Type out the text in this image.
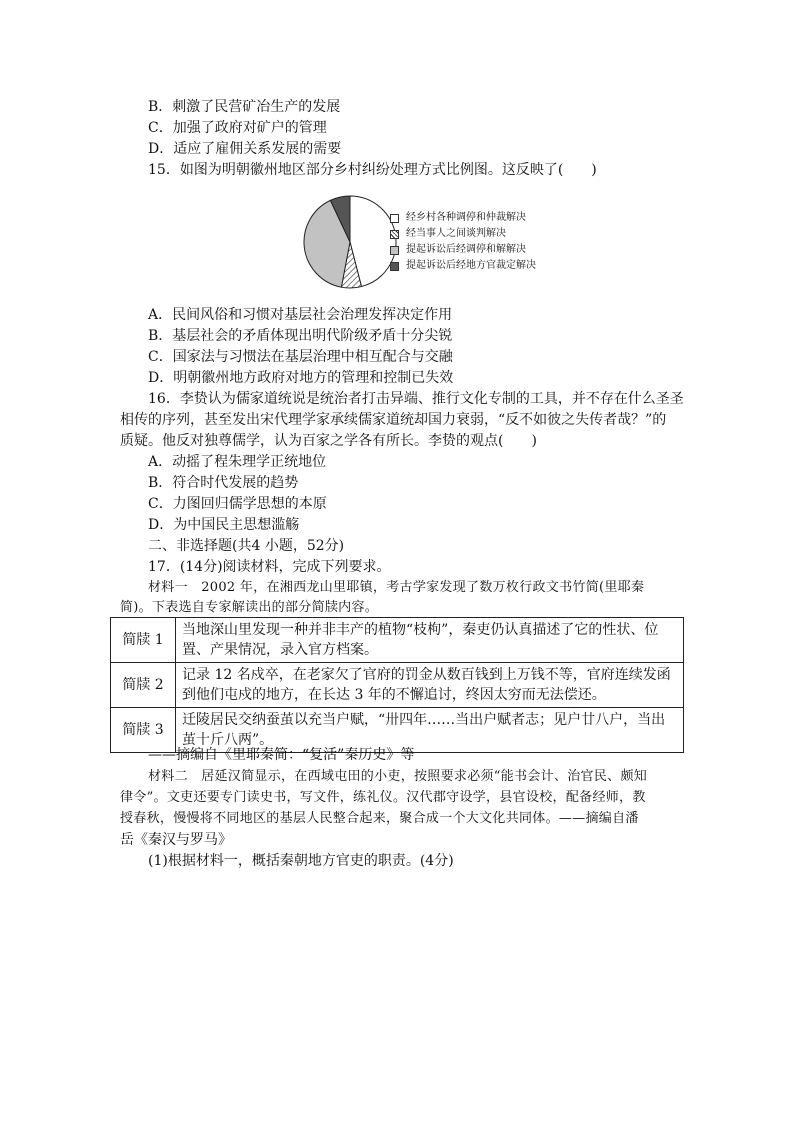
B．刺激了民营矿冶生产的发展
C．加强了政府对矿户的管理
D．适应了雇佣关系发展的需要
15．如图为明朝徽州地区部分乡村纠纷处理方式比例图。这反映了(　　)
经乡村各种调停和仲裁解决
经当事人之间谈判解决
提起诉讼后经调停和解解决
提起诉讼后经地方官裁定解决
A．民间风俗和习惯对基层社会治理发挥决定作用
B．基层社会的矛盾体现出明代阶级矛盾十分尖锐
C．国家法与习惯法在基层治理中相互配合与交融
D．明朝徽州地方政府对地方的管理和控制已失效
16．李贽认为儒家道统说是统治者打击异端、推行文化专制的工具，并不存在什么圣圣
相传的序列，甚至发出宋代理学家承续儒家道统却国力衰弱，“反不如彼之失传者哉？”的
质疑。他反对独尊儒学，认为百家之学各有所长。李贽的观点(　　)
A．动摇了程朱理学正统地位
B．符合时代发展的趋势
C．力图回归儒学思想的本原
D．为中国民主思想滥觞
二、非选择题(共4 小题，52分)
17．(14分)阅读材料，完成下列要求。
材料一　2002 年，在湘西龙山里耶镇，考古学家发现了数万枚行政文书竹简(里耶秦
简)。下表选自专家解读出的部分简牍内容。
简牍 1	当地深山里发现一种并非丰产的植物“枝枸”，秦吏仍认真描述了它的性状、位置、产果情况，录入官方档案。
简牍 2	记录 12 名戍卒，在老家欠了官府的罚金从数百钱到上万钱不等，官府连续发函到他们屯戍的地方，在长达 3 年的不懈追讨，终因太穷而无法偿还。
简牍 3	迁陵居民交纳蚕茧以充当户赋，“卅四年……当出户赋者志；见户廿八户，当出茧十斤八两”。
——摘编自《里耶秦简：“复活”秦历史》等
材料二　居延汉简显示，在西域屯田的小吏，按照要求必须“能书会计、治官民、颇知
律令”。文吏还要专门读史书，写文件，练礼仪。汉代郡守设学，县官设校，配备经师，教
授春秋，慢慢将不同地区的基层人民整合起来，聚合成一个大文化共同体。——摘编自潘
岳《秦汉与罗马》
(1)根据材料一，概括秦朝地方官吏的职责。(4分)
